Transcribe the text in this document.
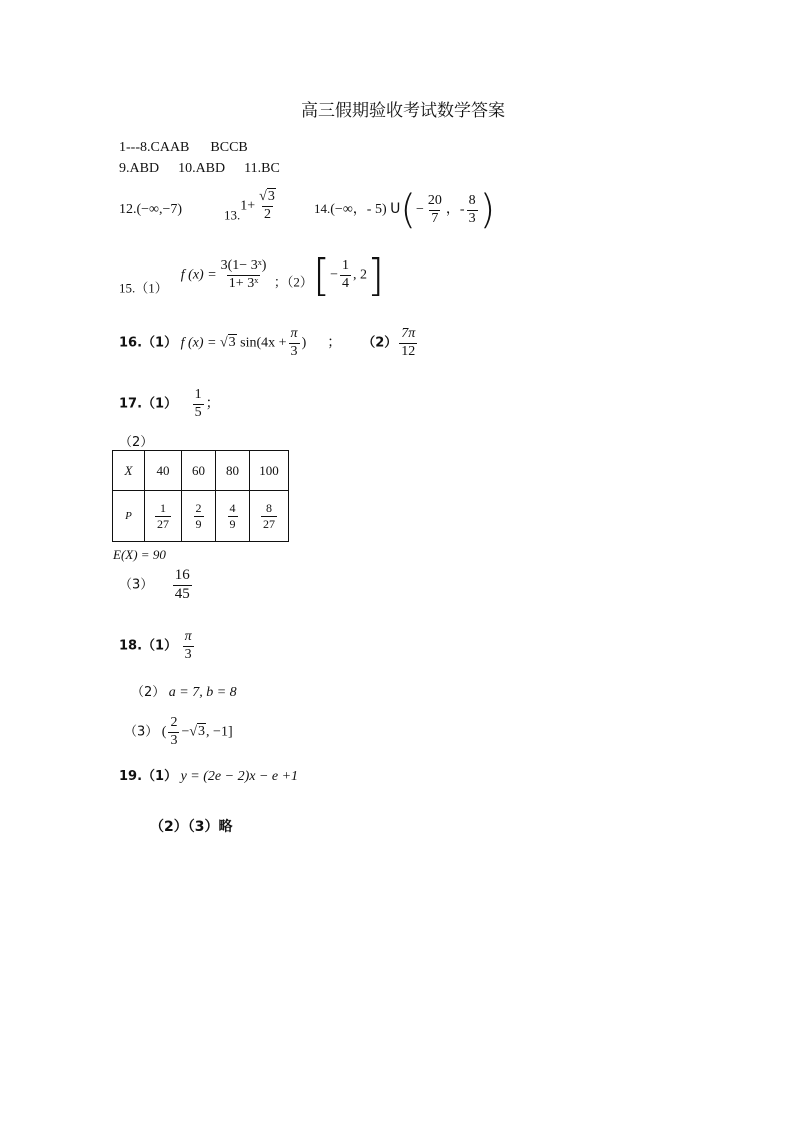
高三假期验收考试数学答案
1---8.CAAB BCCB
9.ABD 10.ABD 11.BC
12.(−∞,−7)	$13.1+ \frac{√3}{2}$	14.(−∞，- 5) $U(- \frac{20}{7}$ ，- $\frac{8}{3}$ )
15.（1）  f $(x) = \frac{\text{3(1− 3ˣ)}}{\text{1+ 3ˣ}}$ ；$(2)[- \frac{1}{4}$ , 2]
16.（1） f (x) = √3 $\sin(4x + \frac{\pi}{3}$ ) ； $(2) \frac{7\pi}{12}$
$17.(1) \frac{1}{5}$ ；
（2）
X	40	60	80	100
P	$\frac{1}{27}$	$\frac{2}{9}$	$\frac{4}{9}$	$\frac{8}{27}$
E(X) = 90
$(3) \frac{16}{45}$
$18.(1) \frac{\pi}{3}$
（2） a = 7, b = 8
（3） ( $\frac{2}{3} -√3$, −1]
19.（1） y = (2e − 2)x − e +1
（2）（3）略
